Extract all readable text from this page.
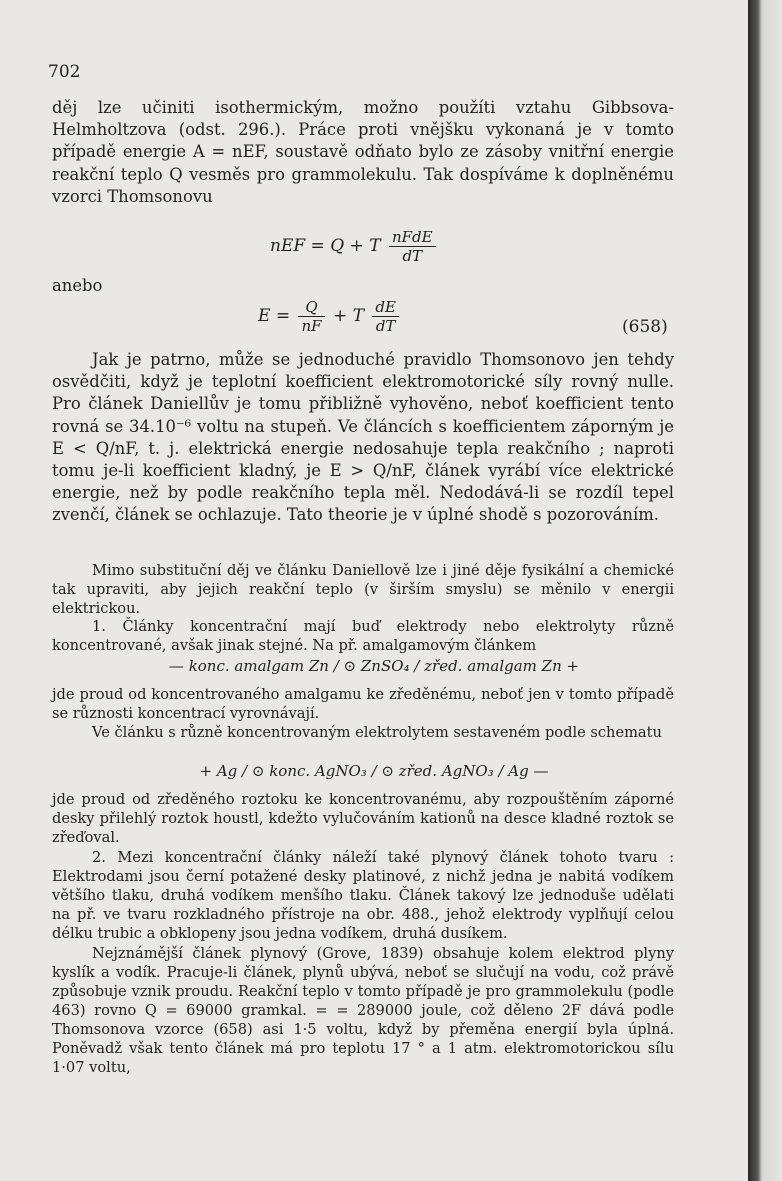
702
děj lze učiniti isothermickým, možno použíti vztahu Gibbsova-Helmholtzova (odst. 296.). Práce proti vnějšku vykonaná je v tomto případě energie A = nEF, soustavě odňato bylo ze zásoby vnitřní energie reakční teplo Q vesměs pro grammolekulu. Tak dospíváme k doplněnému vzorci Thomsonovu
nEF = Q + T $\frac{\text{nFdE}}{dT}$
anebo
$E = \frac{Q}{nF} + T \frac{dE}{dT}$	(658)
Jak je patrno, může se jednoduché pravidlo Thomsonovo jen tehdy osvědčiti, když je teplotní koefficient elektromotorické síly rovný nulle. Pro článek Daniellův je tomu přibližně vyhověno, neboť koefficient tento rovná se 34.10⁻⁶ voltu na stupeň. Ve článcích s koefficientem záporným je E < Q/nF, t. j. elektrická energie nedosahuje tepla reakčního ; naproti tomu je-li koefficient kladný, je E > Q/nF, článek vyrábí více elektrické energie, než by podle reakčního tepla měl. Nedodává-li se rozdíl tepel zvenčí, článek se ochlazuje. Tato theorie je v úplné shodě s pozorováním.
Mimo substituční děj ve článku Daniellově lze i jiné děje fysikální a chemické tak upraviti, aby jejich reakční teplo (v širším smyslu) se měnilo v energii elektrickou.
1. Články koncentrační mají buď elektrody nebo elektrolyty různě koncentrované, avšak jinak stejné. Na př. amalgamovým článkem
— konc. amalgam Zn / ⊙ ZnSO₄ / zřed. amalgam Zn +
jde proud od koncentrovaného amalgamu ke zředěnému, neboť jen v tomto případě se různosti koncentrací vyrovnávají.
Ve článku s různě koncentrovaným elektrolytem sestaveném podle schematu
+ Ag / ⊙ konc. AgNO₃ / ⊙ zřed. AgNO₃ / Ag —
jde proud od zředěného roztoku ke koncentrovanému, aby rozpouštěním záporné desky přilehlý roztok houstl, kdežto vylučováním kationů na desce kladné roztok se zřeďoval.
2. Mezi koncentrační články náleží také plynový článek tohoto tvaru : Elektrodami jsou černí potažené desky platinové, z nichž jedna je nabitá vodíkem většího tlaku, druhá vodíkem menšího tlaku. Článek takový lze jednoduše udělati na př. ve tvaru rozkladného přístroje na obr. 488., jehož elektrody vyplňují celou délku trubic a obklopeny jsou jedna vodíkem, druhá dusíkem.
Nejznámější článek plynový (Grove, 1839) obsahuje kolem elektrod plyny kyslík a vodík. Pracuje-li článek, plynů ubývá, neboť se slučují na vodu, což právě způsobuje vznik proudu. Reakční teplo v tomto případě je pro grammolekulu (podle 463) rovno Q = 69000 gramkal. = = 289000 joule, což děleno 2F dává podle Thomsonova vzorce (658) asi 1·5 voltu, když by přeměna energií byla úplná. Poněvadž však tento článek má pro teplotu 17 ° a 1 atm. elektromotorickou sílu 1·07 voltu,
